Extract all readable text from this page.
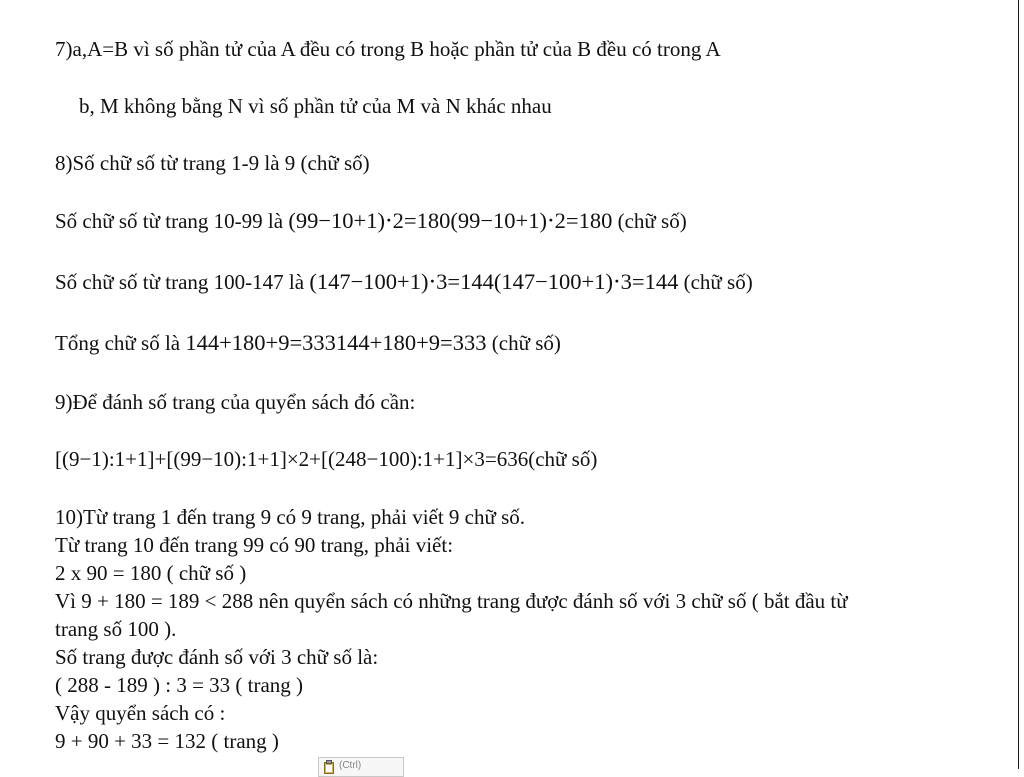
7)a,A=B vì số phần tử của A đều có trong B hoặc phần tử của B đều có trong A
b, M không bằng N vì số phần tử của M và N khác nhau
8)Số chữ số từ trang 1-9 là 9 (chữ số)
Số chữ số từ trang 10-99 là (99−10+1)⋅2=180(99−10+1)⋅2=180 (chữ số)
Số chữ số từ trang 100-147 là (147−100+1)⋅3=144(147−100+1)⋅3=144 (chữ số)
Tổng chữ số là 144+180+9=333144+180+9=333 (chữ số)
9)Để đánh số trang của quyển sách đó cần:
[(9−1):1+1]+[(99−10):1+1]×2+[(248−100):1+1]×3=636(chữ số)
10)Từ trang 1 đến trang 9 có 9 trang, phải viết 9 chữ số.
Từ trang 10 đến trang 99 có 90 trang, phải viết:
2 x 90 = 180 ( chữ số )
Vì 9 + 180 = 189 < 288 nên quyển sách có những trang được đánh số với 3 chữ số ( bắt đầu từ
trang số 100 ).
Số trang được đánh số với 3 chữ số là:
( 288 - 189 ) : 3 = 33 ( trang )
Vậy quyển sách có :
9 + 90 + 33 = 132 ( trang )
(Ctrl)
